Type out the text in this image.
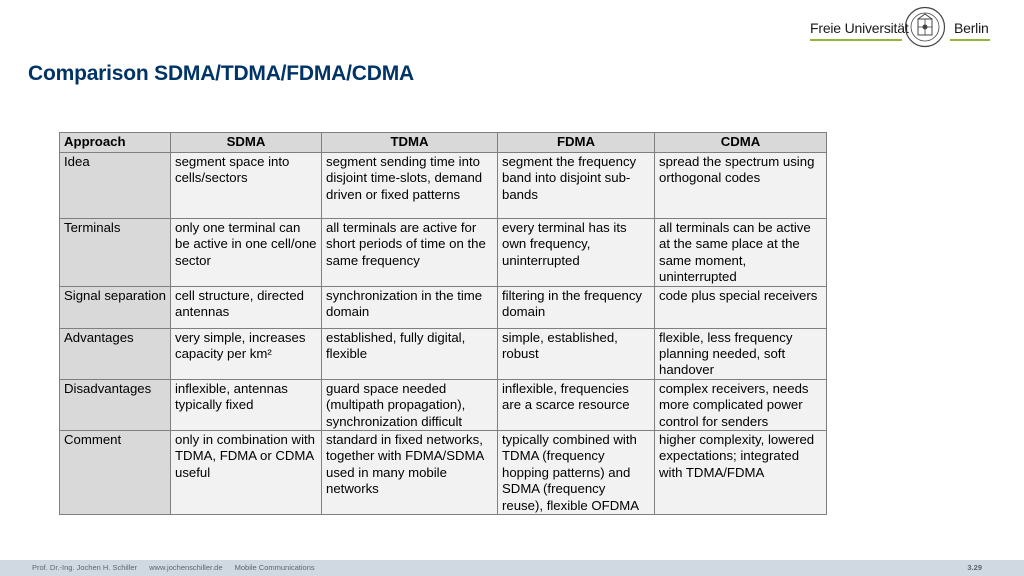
Freie Universität	Berlin
Comparison SDMA/TDMA/FDMA/CDMA
Approach	SDMA	TDMA	FDMA	CDMA
Idea	segment space into cells/sectors	segment sending time into disjoint time-slots, demand driven or fixed patterns	segment the frequency band into disjoint sub-bands	spread the spectrum using orthogonal codes
Terminals	only one terminal can be active in one cell/one sector	all terminals are active for short periods of time on the same frequency	every terminal has its own frequency, uninterrupted	all terminals can be active at the same place at the same moment, uninterrupted
Signal separation	cell structure, directed antennas	synchronization in the time domain	filtering in the frequency domain	code plus special receivers
Advantages	very simple, increases capacity per km²	established, fully digital, flexible	simple, established, robust	flexible, less frequency planning needed, soft handover
Disadvantages	inflexible, antennas typically fixed	guard space needed (multipath propagation), synchronization difficult	inflexible, frequencies are a scarce resource	complex receivers, needs more complicated power control for senders
Comment	only in combination with TDMA, FDMA or CDMA useful	standard in fixed networks, together with FDMA/SDMA used in many mobile networks	typically combined with TDMA (frequency hopping patterns) and SDMA (frequency reuse), flexible OFDMA	higher complexity, lowered expectations; integrated with TDMA/FDMA
Prof. Dr.-Ing. Jochen H. Schiller www.jochenschiller.de Mobile Communications	3.29
